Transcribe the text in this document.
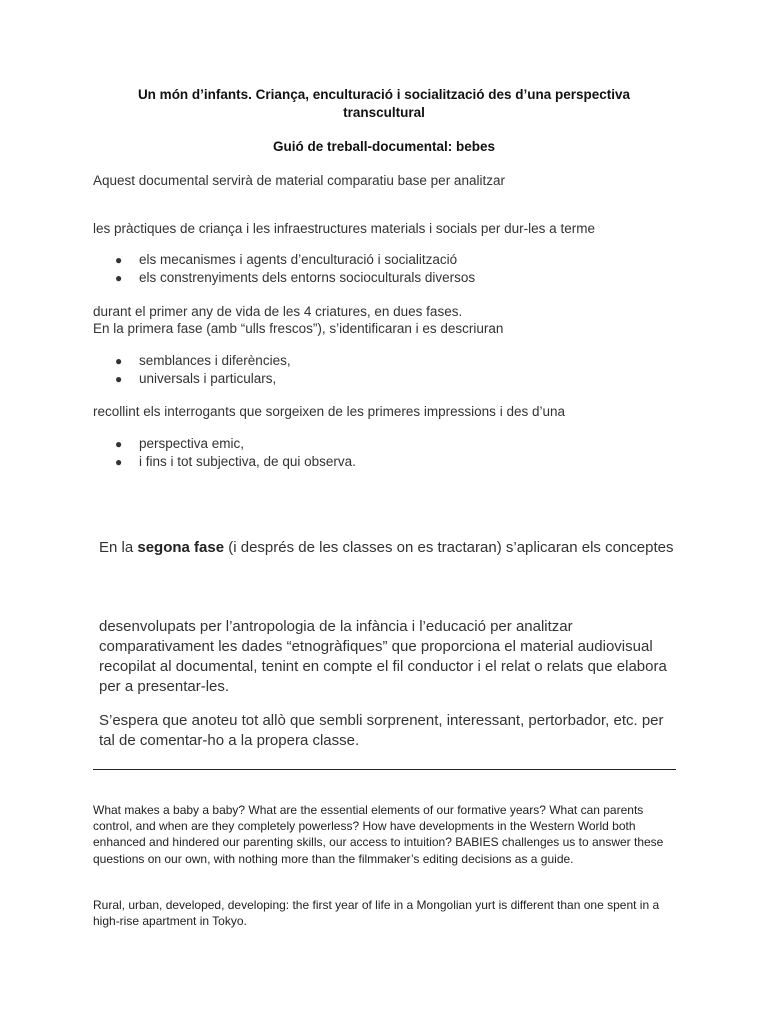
Un món d’infants. Criança, enculturació i socialització des d’una perspectiva transcultural

Guió de treball-documental: bebes

Aquest documental servirà de material comparatiu base per analitzar

les pràctiques de criança i les infraestructures materials i socials per dur-les a terme

● els mecanismes i agents d’enculturació i socialització
● els constrenyiments dels entorns socioculturals diversos

durant el primer any de vida de les 4 criatures, en dues fases.

En la primera fase (amb “ulls frescos”), s’identificaran i es descriuran

● semblances i diferències,
● universals i particulars,

recollint els interrogants que sorgeixen de les primeres impressions i des d’una

● perspectiva emic,
● i fins i tot subjectiva, de qui observa.

En la segona fase (i després de les classes on es tractaran) s’aplicaran els conceptes

desenvolupats per l’antropologia de la infància i l’educació per analitzar comparativament les dades “etnogràfiques” que proporciona el material audiovisual recopilat al documental, tenint en compte el fil conductor i el relat o relats que elabora per a presentar-les.

S’espera que anoteu tot allò que sembli sorprenent, interessant, pertorbador, etc. per tal de comentar-ho a la propera classe.

What makes a baby a baby? What are the essential elements of our formative years? What can parents control, and when are they completely powerless? How have developments in the Western World both enhanced and hindered our parenting skills, our access to intuition? BABIES challenges us to answer these questions on our own, with nothing more than the filmmaker’s editing decisions as a guide.

Rural, urban, developed, developing: the first year of life in a Mongolian yurt is different than one spent in a high-rise apartment in Tokyo.
